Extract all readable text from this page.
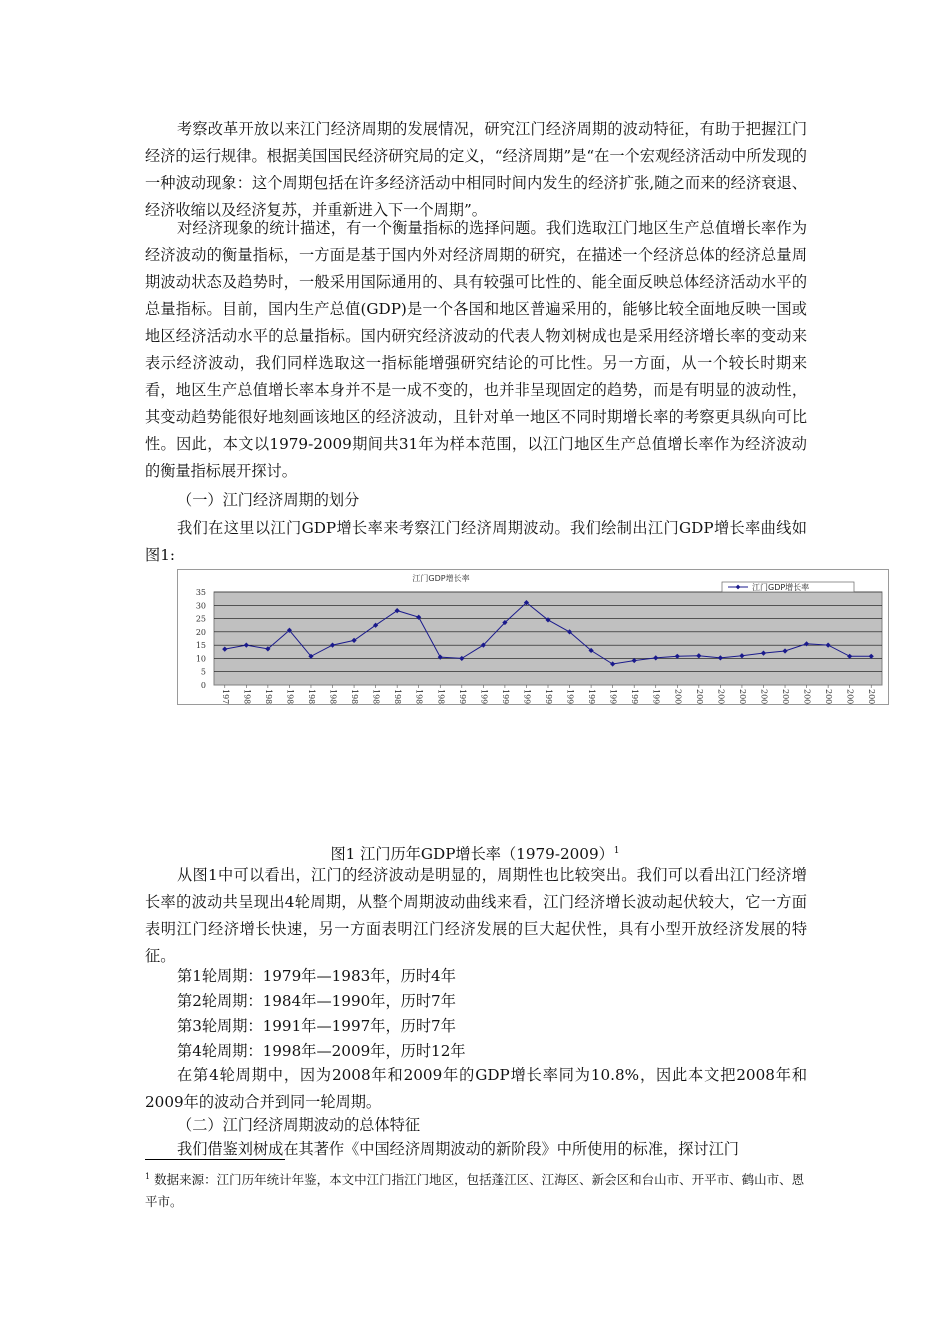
考察改革开放以来江门经济周期的发展情况，研究江门经济周期的波动特征，有助于把握江门经济的运行规律。根据美国国民经济研究局的定义，“经济周期”是“在一个宏观经济活动中所发现的一种波动现象：这个周期包括在许多经济活动中相同时间内发生的经济扩张,随之而来的经济衰退、经济收缩以及经济复苏，并重新进入下一个周期”。

对经济现象的统计描述，有一个衡量指标的选择问题。我们选取江门地区生产总值增长率作为经济波动的衡量指标，一方面是基于国内外对经济周期的研究，在描述一个经济总体的经济总量周期波动状态及趋势时，一般采用国际通用的、具有较强可比性的、能全面反映总体经济活动水平的总量指标。目前，国内生产总值(GDP)是一个各国和地区普遍采用的，能够比较全面地反映一国或地区经济活动水平的总量指标。国内研究经济波动的代表人物刘树成也是采用经济增长率的变动来表示经济波动，我们同样选取这一指标能增强研究结论的可比性。另一方面，从一个较长时期来看，地区生产总值增长率本身并不是一成不变的，也并非呈现固定的趋势，而是有明显的波动性，其变动趋势能很好地刻画该地区的经济波动，且针对单一地区不同时期增长率的考察更具纵向可比性。因此，本文以1979-2009期间共31年为样本范围，以江门地区生产总值增长率作为经济波动的衡量指标展开探讨。

（一）江门经济周期的划分

我们在这里以江门GDP增长率来考察江门经济周期波动。我们绘制出江门GDP增长率曲线如图1:

0
5
10
15
20
25
30
35
1979 1980 1981 1982 1983 1984 1985 1986 1987 1988 1989 1990 1991 1992 1993 1994 1995 1996 1997 1998 1999 2000 2001 2002 2003 2004 2005 2006 2007 2008 2009
江门GDP增长率
江门GDP增长率
图1 江门历年GDP增长率（1979-2009）$^1$

从图1中可以看出，江门的经济波动是明显的，周期性也比较突出。我们可以看出江门经济增长率的波动共呈现出4轮周期，从整个周期波动曲线来看，江门经济增长波动起伏较大，它一方面表明江门经济增长快速，另一方面表明江门经济发展的巨大起伏性，具有小型开放经济发展的特征。

第1轮周期：1979年—1983年，历时4年

第2轮周期：1984年—1990年，历时7年

第3轮周期：1991年—1997年，历时7年

第4轮周期：1998年—2009年，历时12年

在第4轮周期中，因为2008年和2009年的GDP增长率同为10.8%，因此本文把2008年和2009年的波动合并到同一轮周期。

（二）江门经济周期波动的总体特征

我们借鉴刘树成在其著作《中国经济周期波动的新阶段》中所使用的标准，探讨江门

$^1$ 数据来源：江门历年统计年鉴，本文中江门指江门地区，包括蓬江区、江海区、新会区和台山市、开平市、鹤山市、恩平市。
